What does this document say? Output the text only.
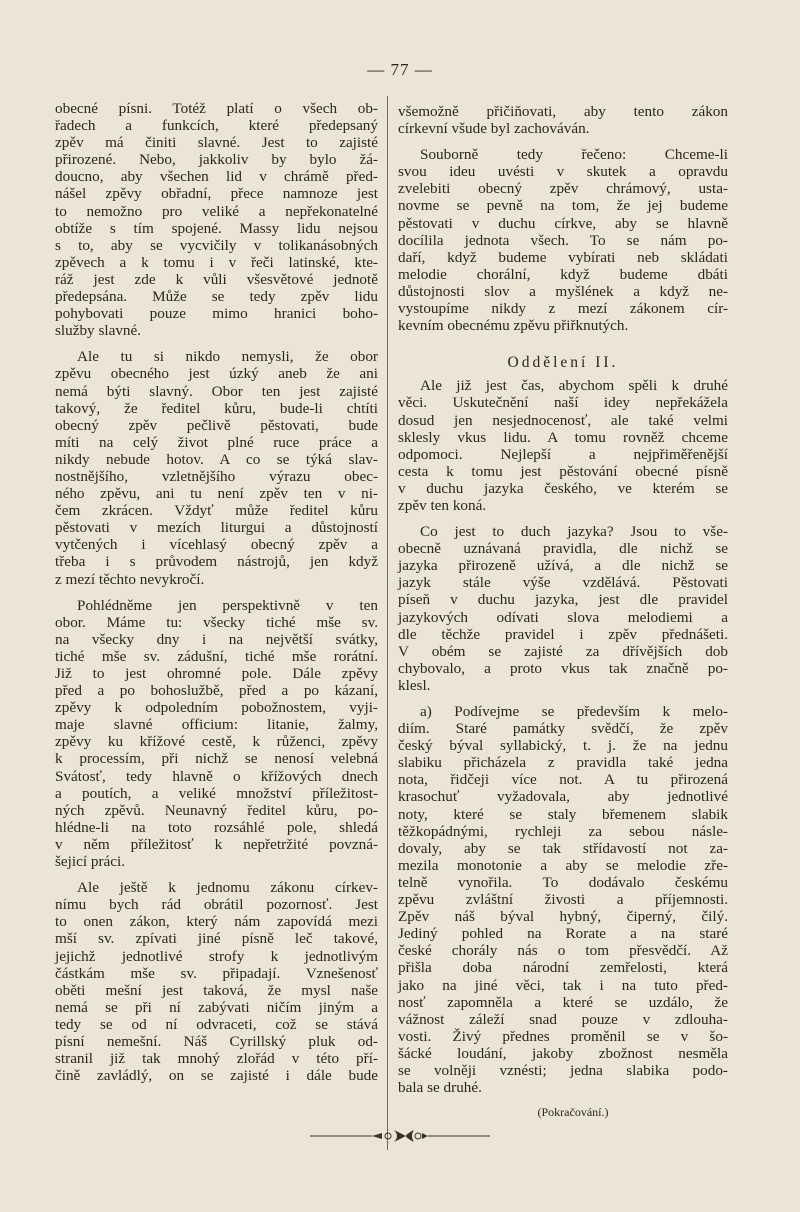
— 77 —
obecné písni. Totéž platí o všech ob-
řadech a funkcích, které předepsaný
zpěv má činiti slavné. Jest to zajisté
přirozené. Nebo, jakkoliv by bylo žá-
doucno, aby všechen lid v chrámě před-
nášel zpěvy obřadní, přece namnoze jest
to nemožno pro veliké a nepřekonatelné
obtíže s tím spojené. Massy lidu nejsou
s to, aby se vycvičily v tolikanásobných
zpěvech a k tomu i v řeči latinské, kte-
ráž jest zde k vůli všesvětové jednotě
předepsána. Může se tedy zpěv lidu
pohybovati pouze mimo hranici boho-
služby slavné.
Ale tu si nikdo nemysli, že obor
zpěvu obecného jest úzký aneb že ani
nemá býti slavný. Obor ten jest zajisté
takový, že ředitel kůru, bude-li chtíti
obecný zpěv pečlivě pěstovati, bude
míti na celý život plné ruce práce a
nikdy nebude hotov. A co se týká slav-
nostnějšího, vzletnějšího výrazu obec-
ného zpěvu, ani tu není zpěv ten v ni-
čem zkrácen. Vždyť může ředitel kůru
pěstovati v mezích liturgui a důstojností
vytčených i vícehlasý obecný zpěv a
třeba i s průvodem nástrojů, jen když
z mezí těchto nevykročí.
Pohlédněme jen perspektivně v ten
obor. Máme tu: všecky tiché mše sv.
na všecky dny i na největší svátky,
tiché mše sv. zádušní, tiché mše rorátní.
Již to jest ohromné pole. Dále zpěvy
před a po bohoslužbě, před a po kázaní,
zpěvy k odpoledním pobožnostem, vyji-
maje slavné officium: litanie, žalmy,
zpěvy ku křížové cestě, k růženci, zpěvy
k processím, při nichž se nenosí velebná
Svátosť, tedy hlavně o křížových dnech
a poutích, a veliké množství příležitost-
ných zpěvů. Neunavný ředitel kůru, po-
hlédne-li na toto rozsáhlé pole, shledá
v něm příležitosť k nepřetržité povzná-
šejicí práci.
Ale ještě k jednomu zákonu církev-
nímu bych rád obrátil pozornosť. Jest
to onen zákon, který nám zapovídá mezi
mší sv. zpívati jiné písně leč takové,
jejichž jednotlivé strofy k jednotlivým
částkám mše sv. připadají. Vznešenosť
oběti mešní jest taková, že mysl naše
nemá se při ní zabývati ničím jiným a
tedy se od ní odvraceti, což se stává
písní nemešní. Náš Cyrillský pluk od-
stranil již tak mnohý zlořád v této pří-
čině zavládlý, on se zajisté i dále bude
všemožně přičiňovati, aby tento zákon
církevní všude byl zachováván.
Souborně tedy řečeno: Chceme-li
svou ideu uvésti v skutek a opravdu
zvelebiti obecný zpěv chrámový, usta-
novme se pevně na tom, že jej budeme
pěstovati v duchu církve, aby se hlavně
docílila jednota všech. To se nám po-
daří, když budeme vybírati neb skládati
melodie chorální, když budeme dbáti
důstojnosti slov a myšlének a když ne-
vystoupíme nikdy z mezí zákonem cír-
kevním obecnému zpěvu přiřknutých.
Oddělení II.
Ale již jest čas, abychom spěli k druhé
věci. Uskutečnění naší idey nepřekážela
dosud jen nesjednocenosť, ale také velmi
sklesly vkus lidu. A tomu rovněž chceme
odpomoci. Nejlepší a nejpřiměřenější
cesta k tomu jest pěstování obecné písně
v duchu jazyka českého, ve kterém se
zpěv ten koná.
Co jest to duch jazyka? Jsou to vše-
obecně uznávaná pravidla, dle nichž se
jazyka přirozeně užívá, a dle nichž se
jazyk stále výše vzdělává. Pěstovati
píseň v duchu jazyka, jest dle pravidel
jazykových odívati slova melodiemi a
dle těchže pravidel i zpěv přednášeti.
V obém se zajisté za dřívějších dob
chybovalo, a proto vkus tak značně po-
klesl.
a) Podívejme se především k melo-
diím. Staré památky svědčí, že zpěv
český býval syllabický, t. j. že na jednu
slabiku přicházela z pravidla také jedna
nota, řidčeji více not. A tu přirozená
krasochuť vyžadovala, aby jednotlivé
noty, které se staly břemenem slabik
těžkopádnými, rychleji za sebou násle-
dovaly, aby se tak střídavostí not za-
mezila monotonie a aby se melodie zře-
telně vynořila. To dodávalo českému
zpěvu zvláštní živosti a příjemnosti.
Zpěv náš býval hybný, čiperný, čilý.
Jediný pohled na Rorate a na staré
české chorály nás o tom přesvědčí. Až
přišla doba národní zemřelosti, která
jako na jiné věci, tak i na tuto před-
nosť zapomněla a které se uzdálo, že
vážnost záleží snad pouze v zdlouha-
vosti. Živý přednes proměnil se v šo-
šácké loudání, jakoby zbožnost nesměla
se volněji vznésti; jedna slabika podo-
bala se druhé.
(Pokračování.)
